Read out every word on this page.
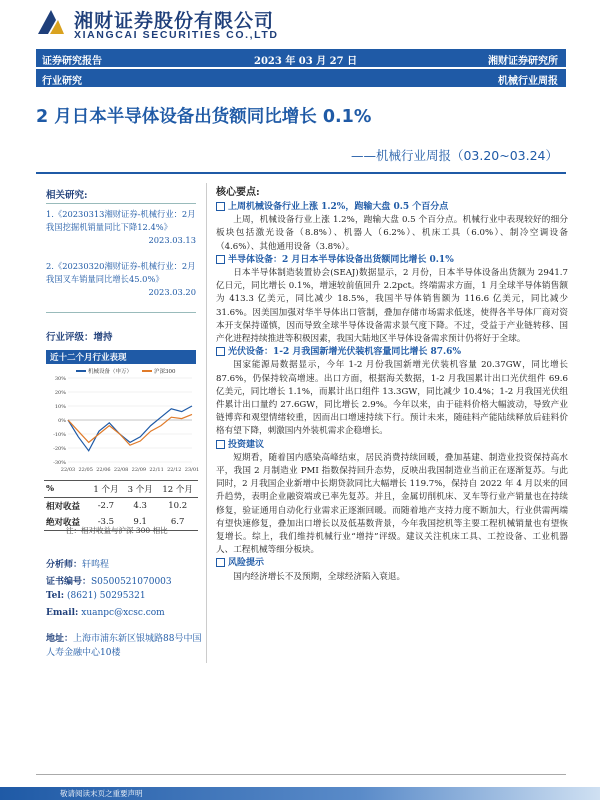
湘财证券股份有限公司
XIANGCAI SECURITIES CO.,LTD
证券研究报告	2023 年 03 月 27 日	湘财证券研究所
行业研究	机械行业周报
2 月日本半导体设备出货额同比增长 0.1%
——机械行业周报（03.20~03.24）
相关研究:
1.《20230313湘财证券-机械行业：2月我国挖掘机销量同比下降12.4%》
2023.03.13
2.《20230320湘财证券-机械行业：2月我国叉车销量同比增长45.0%》
2023.03.20
行业评级：增持
近十二个月行业表现
机械设备（申万）	沪深300
30%
20%
10%
0%
-10%
-20%
-30%
22/03 22/05 22/06 22/08 22/09 22/11 22/12 23/01
%	1 个月	3 个月	12 个月
相对收益	-2.7	4.3	10.2
绝对收益	-3.5	9.1	6.7
注：相对收益与沪深 300 相比
分析师：轩鸣程
证书编号：S0500521070003
Tel: (8621) 50295321
Email: xuanpc@xcsc.com
地址：上海市浦东新区银城路88号中国人寿金融中心10楼
核心要点:
上周机械设备行业上涨 1.2%，跑输大盘 0.5 个百分点
上周，机械设备行业上涨 1.2%，跑输大盘 0.5 个百分点。机械行业中表现较好的细分板块包括激光设备（8.8%）、机器人（6.2%）、机床工具（6.0%）、制冷空调设备（4.6%）、其他通用设备（3.8%）。
半导体设备：2 月日本半导体设备出货额同比增长 0.1%
日本半导体制造装置协会(SEAJ)数据显示，2 月份，日本半导体设备出货额为 2941.7 亿日元，同比增长 0.1%，增速较前值回升 2.2pct。终端需求方面，1 月全球半导体销售额为 413.3 亿美元，同比减少 18.5%，我国半导体销售额为 116.6 亿美元，同比减少 31.6%。因美国加强对华半导体出口管制，叠加存储市场需求低迷，使得各半导体厂商对资本开支保持谨慎，因而导致全球半导体设备需求景气度下降。不过，受益于产业链转移、国产化进程持续推进等积极因素，我国大陆地区半导体设备需求预计仍将好于全球。
光伏设备：1-2 月我国新增光伏装机容量同比增长 87.6%
国家能源局数据显示，今年 1-2 月份我国新增光伏装机容量 20.37GW，同比增长 87.6%，仍保持较高增速。出口方面，根据海关数据，1-2 月我国累计出口光伏组件 69.6 亿美元，同比增长 1.1%，而累计出口组件 13.3GW，同比减少 10.4%；1-2 月我国光伏组件累计出口量约 27.6GW，同比增长 2.9%。今年以来，由于硅料价格大幅波动，导致产业链博弈和观望情绪较重，因而出口增速持续下行。预计未来，随硅料产能陆续释放后硅料价格有望下降，刺激国内外装机需求企稳增长。
投资建议
短期看，随着国内感染高峰结束，居民消费持续回暖，叠加基建、制造业投资保持高水平，我国 2 月制造业 PMI 指数保持回升态势，反映出我国制造业当前正在逐渐复苏。与此同时，2 月我国企业新增中长期贷款同比大幅增长 119.7%，保持自 2022 年 4 月以来的回升趋势，表明企业融资端或已率先复苏。并且，金属切削机床、叉车等行业产销量也在持续修复，验证通用自动化行业需求正逐渐回暖。而随着地产支持力度不断加大，行业供需两端有望快速修复，叠加出口增长以及低基数背景，今年我国挖机等主要工程机械销量也有望恢复增长。综上，我们维持机械行业“增持”评级。建议关注机床工具、工控设备、工业机器人、工程机械等细分板块。
风险提示
国内经济增长不及预期，全球经济陷入衰退。
敬请阅读末页之重要声明
